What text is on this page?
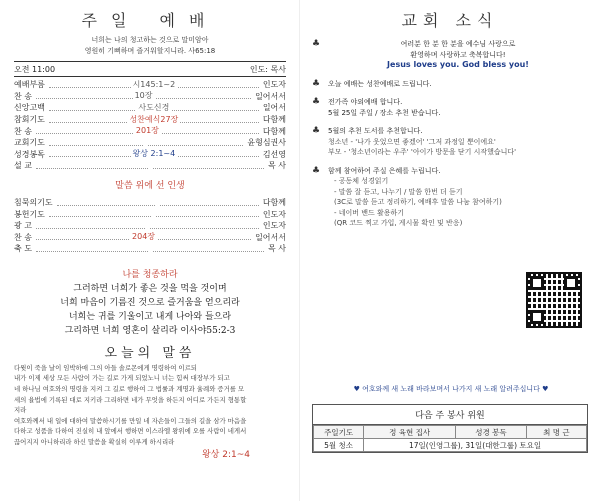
주일 예배
너희는 나의 청고하는 것으로 말미암아
영원히 기뻐하며 즐거워할지니라. 사65:18
오전 11:00	인도: 목사
예배부름	시145:1~2	인도자
찬 송	10장	일어서서
신앙고백	사도신경	일어서
참회기도	성찬예식27장	다함께
찬 송	201장	다함께
교회기도	윤형심권사
성경봉독	왕상 2:1~4	김선영
설 교	목 사
말씀 위에 선 인생
침묵의기도	다함께
봉헌기도	인도자
광 고	인도자
찬 송	204장	일어서서
축 도	목 사
나를 청종하라
그러하면 너희가 좋은 것을 먹을 것이며
너희 마음이 기름진 것으로 즐거움을 얻으리라
너희는 귀를 기울이고 내게 나아와 들으라
그리하면 너희 영혼이 살리라 이사야55:2-3
오늘의 말씀
다윗이 죽을 날이 임박하매 그의 아들 솔로몬에게 명령하여 이르되
내가 이제 세상 모든 사람이 가는 길로 가게 되었노니 너는 힘써 대장부가 되고
네 하나님 여호와의 명령을 지켜 그 길로 행하여 그 법률과 계명과 율례와 증거를 모
세의 율법에 기록된 대로 지키라 그리하면 네가 무엇을 하든지 어디로 가든지 형통할
지라
여호와께서 내 일에 대하여 말씀하시기를 만일 네 자손들이 그들의 길을 삼가 마음을
다하고 성품을 다하여 진실히 내 앞에서 행하면 이스라엘 왕위에 오를 사람이 네게서
끊어지지 아니하리라 하신 말씀을 확실히 이루게 하시리라
왕상 2:1~4
교회 소식
♣	여러분 한 분 한 분을 예수님 사랑으로
환영하며 사랑하고 축복합니다!
Jesus loves you. God bless you!
♣ 오늘 예배는 성찬예배로 드립니다.
♣ 전가족 야외예배 합니다.
5월 25일 주일 / 장소 추천 받습니다.
♣ 5월의 추천 도서를 추천합니다.
청소년 - '나가 웃었으면 좋겠어' '그저 과정일 뿐이에요'
부모 - '청소년이라는 우주' '아이가 방문을 닫기 시작했습니다'
♣ 함께 참여하여 주실 은혜를 누립니다.
- 공동체 성경읽기
- 말씀 잘 듣고, 나누기 / 말씀 한번 더 듣기
(3C로 말씀 듣고 정리하기, 예배후 말씀 나눔 참여하기)
- 네이버 밴드 활용하기
(QR 코드 찍고 가입, 게시물 확인 및 반응)
♥ 여호와께 새 노래 바라보며서 나가지 새 노래 알려주십니다 ♥
다음 주 봉사 위원
주일기도	정 육현 집사	성경 봉독	최 명 근
5월 청소	17일(인영그룹), 31일(대한그룹) 토요일		
